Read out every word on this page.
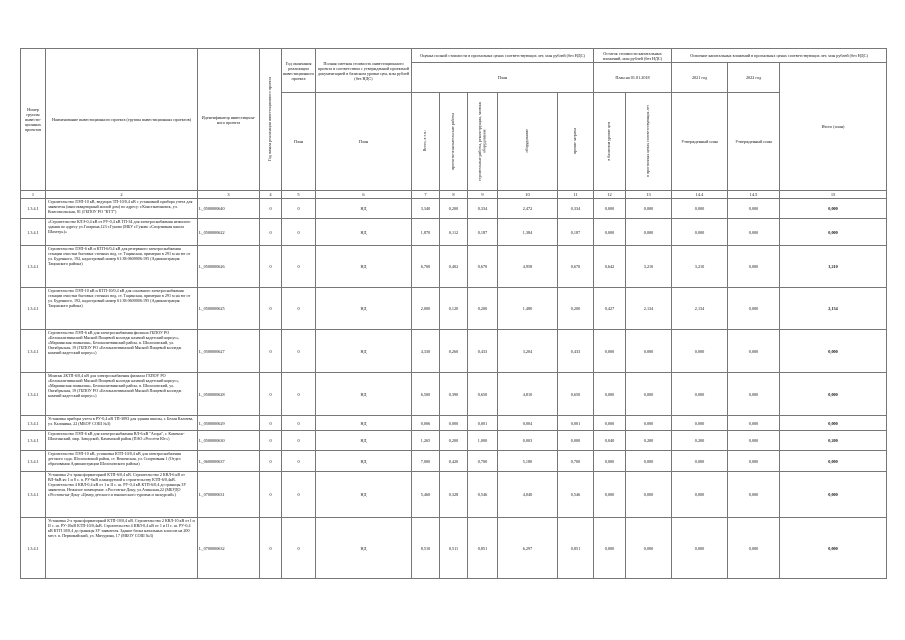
Номер группы инвести-ционных проектов	Наименование инвестиционного проекта (группы инвестиционных проектов)	Идентификатор инвестицион-ного проекта	Год начала реализации инвестиционного проекта	Год окончания реализации инвестиционного проекта	Полная сметная стоимость инвестиционного проекта в соответствии с утвержденной проектной документацией в базисном уровне цен, млн рублей (без НДС)	Оценка полной стоимости в прогнозных ценах соответствующих лет, млн рублей (без НДС)					Остаток стоимости капитальных вложений, млн рублей (без НДС)		Освоение капитальных вложений в прогнозных ценах соответствующих лет, млн рублей (без НДС)		
						План					План на 01.01.2018		2021 год	2022 год	Итого (план)
				План	План	Всего, в т.ч.:	проектно-изыскательские работы	строительные работы, реконструкция, монтаж оборудования	оборудование	прочие затраты	в базисном уровне цен	в прогнозных ценах соответствующих лет	Утвержденный план	Утвержденный план	
1	2	3	4	5	6	7	8	9	10	11	12	13	14.4	14.5	15
1.3.4.1	Строительство ЛЭП-10 кВ, ведущих ТП-10/0,4 кВ с установкой прибора учета для заявителя (многоквартирный жилой дом) по адресу: г.Константиновск, ул. Комсомольская, 81 (ГБПОУ РО "КТТ")	L_0500000640	0	0	НД	3,340	0,200	0,334	2,472	0,334	0,000	0,000	0,000	0,000	0,000
1.3.4.1	«Строительство КЛЭ-0,4 кВ от РУ-0,4 кВ ТП-34 для электроснабжения нежилого здания по адресу ул.Гагарина,123 г.Гуково (МБУ г.Гуково «Спортивная школа Шахтер»)»	L_0500000622	0	0	НД	1,870	0,112	0,187	1,384	0,187	0,000	0,000	0,000	0,000	0,000
1.3.4.1	Строительство ЛЭП-6 кВ и КТП-6/0,4 кВ для резервного электроснабжения станции очистки бытовых сточных вод, ст. Тацинская, примерно в 291 м на юг от ул. Буденного, 192, кадастровый номер 61:38:0600006:195 (Администрация Тацинского района)	L_0500000626	0	0	НД	6,700	0,402	0,670	4,958	0,670	0,642	3,210	3,210	0,000	3,210
1.3.4.1	Строительство ЛЭП-10 кВ и КТП-10/0,4 кВ для основного электроснабжения станции очистки бытовых сточных вод, ст. Тацинская, примерно в 291 м на юг от ул. Буденного, 192, кадастровый номер 61:38:0600006:195 (Администрация Тацинского района)	L_0500000625	0	0	НД	2,000	0,120	0,200	1,480	0,200	0,427	2,134	2,134	0,000	2,134
1.3.4.1	Строительство ЛЭП-6 кВ для электроснабжения филиала ГБПОУ РО «Белокалитвинский Мясной Пищевой колледж казачий кадетский корпус», «Мариинская гимназия», Белокалитвинский район, п. Шолоховский, ул. Октябрьская, 19 (ГБПОУ РО «Белокалитвинский Мясной Пищевой колледж казачий кадетский корпус»)	L_0500000627	0	0	НД	4,330	0,260	0,433	3,204	0,433	0,000	0,000	0,000	0,000	0,000
1.3.4.1	Монтаж 2КТП-6/0,4 кВ для электроснабжения филиала ГБПОУ РО «Белокалитвинский Мясной Пищевой колледж казачий кадетский корпус», «Мариинская гимназия», Белокалитвинский район, п. Шолоховский, ул. Октябрьская, 19 (ГБПОУ РО «Белокалитвинский Мясной Пищевой колледж казачий кадетский корпус»)	L_0500000628	0	0	НД	6,500	0,390	0,650	4,810	0,650	0,000	0,000	0,000	0,000	0,000
1.3.4.1	Установка прибора учета в РУ-0,4 кВ ТП-3093 для здания школы, г. Белая Калитва, ул. Калинина, 22 (МБОУ СОШ №3)	L_0500000629	0	0	НД	0,006	0,000	0,001	0,004	0,001	0,000	0,000	0,000	0,000	0,000
1.3.4.1	Строительство ЛЭП-6 кВ для электроснабжения ВЛ-6 кВ "Агора", г. Каменск-Шахтинский, мкр. Заводской, Каменский район (ПАО «Россети Юг»)	L_0500000630	0	0	НД	1,265	0,200	1,000	0,003	0,000	0,040	0,200	0,200	0,000	0,200
1.3.4.1	Строительство ЛЭП-10 кВ, установка КТП-10/0,4 кВ для электроснабжения детского сада, Шолоховский район, ст. Вешенская, ул. Спортивная 1 (Отдел образования Администрации Шолоховского района)	L_0600000637	0	0	НД	7,000	0,420	0,700	5,180	0,700	0,000	0,000	0,000	0,000	0,000
1.3.4.1	Установка 2-х трансформаторной КТП-6/0,4 кВ. Строительство 2 КВЛ-6 кВ от ВЛ-6кВ яч 1 и 8 с. п. РУ-6кВ планируемой к строительству КТП-6/0,4кВ. Строительство 4 КВЛ-0,4 кВ от 1 и II с. ш. РУ-0,4 кВ КТП-6/0,4 до границы ЗУ заявителя. Нежилое помещение. г.Ростов-на-Дону, ул.Ачинская,22 (МБУДО г.Ростова-на-Дону «Центр детского и юношеского туризма и экскурсий»)	L_0700000631	0	0	НД	5,460	0,328	0,546	4,040	0,546	0,000	0,000	0,000	0,000	0,000
1.3.4.1	Установка 2-х трансформаторной КТП-10/0,4 кВ. Строительство 2 КВЛ-10 кВ от I и II с. ш. РУ-10кВ КТП-10/0,4кВ. Строительство 4 КВЛ-0,4 кВ от 1 и II с. ш. РУ-0,4 кВ КТП 10/0,4 до границы ЗУ заявителя. Здание блока начальных классов на 200 мест. п. Первомайский, ул. Мичурина, 17 (МБОУ СОШ №3)	L_0700000632	0	0	НД	8,510	0,511	0,851	6,297	0,851	0,000	0,000	0,000	0,000	0,000
